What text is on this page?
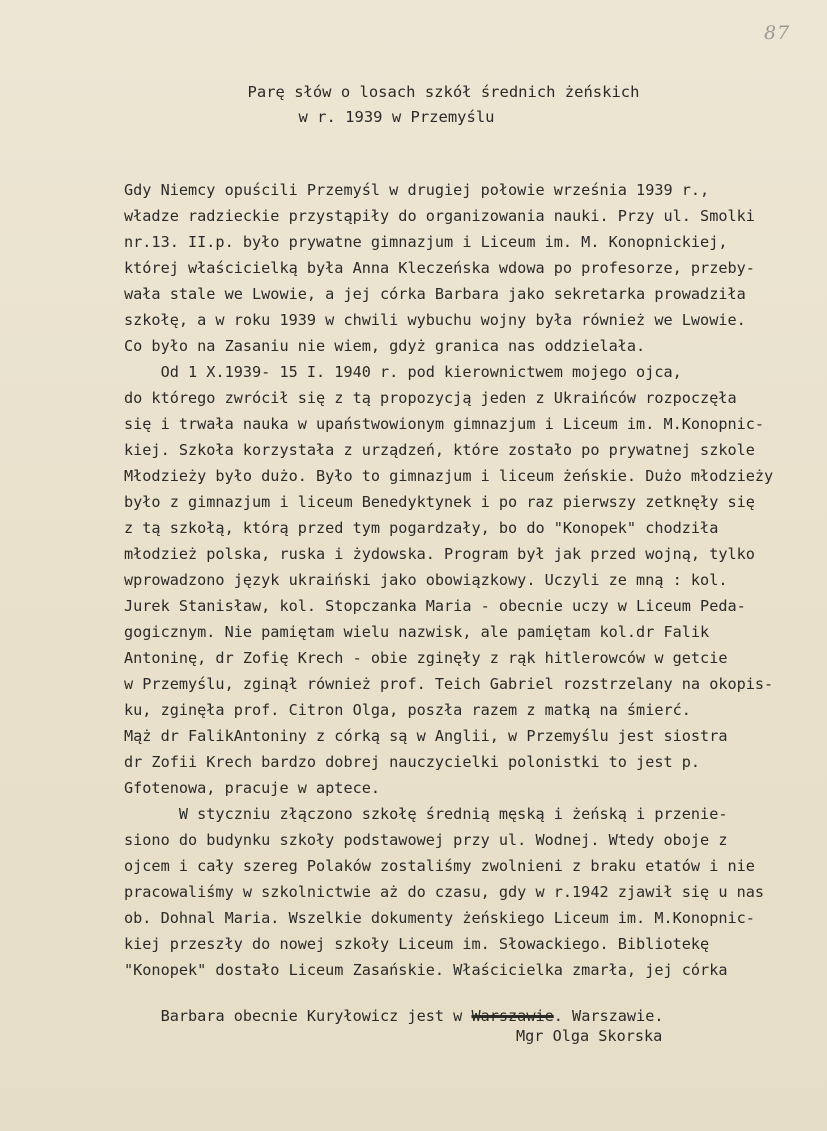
87
Parę słów o losach szkół średnich żeńskich
w r. 1939 w Przemyślu
Gdy Niemcy opuścili Przemyśl w drugiej połowie września 1939 r.,
władze radzieckie przystąpiły do organizowania nauki. Przy ul. Smolki
nr.13. II.p. było prywatne gimnazjum i Liceum im. M. Konopnickiej,
której właścicielką była Anna Kleczeńska wdowa po profesorze, przeby-
wała stale we Lwowie, a jej córka Barbara jako sekretarka prowadziła
szkołę, a w roku 1939 w chwili wybuchu wojny była również we Lwowie.
Co było na Zasaniu nie wiem, gdyż granica nas oddzielała.
Od 1 X.1939- 15 I. 1940 r. pod kierownictwem mojego ojca,
do którego zwrócił się z tą propozycją jeden z Ukraińców rozpoczęła
się i trwała nauka w upaństwowionym gimnazjum i Liceum im. M.Konopnic-
kiej. Szkoła korzystała z urządzeń, które zostało po prywatnej szkole
Młodzieży było dużo. Było to gimnazjum i liceum żeńskie. Dużo młodzieży
było z gimnazjum i liceum Benedyktynek i po raz pierwszy zetknęły się
z tą szkołą, którą przed tym pogardzały, bo do "Konopek" chodziła
młodzież polska, ruska i żydowska. Program był jak przed wojną, tylko
wprowadzono język ukraiński jako obowiązkowy. Uczyli ze mną : kol.
Jurek Stanisław, kol. Stopczanka Maria - obecnie uczy w Liceum Peda-
gogicznym. Nie pamiętam wielu nazwisk, ale pamiętam kol.dr Falik
Antoninę, dr Zofię Krech - obie zginęły z rąk hitlerowców w getcie
w Przemyślu, zginął również prof. Teich Gabriel rozstrzelany na okopis-
ku, zginęła prof. Citron Olga, poszła razem z matką na śmierć.
Mąż dr FalikAntoniny z córką są w Anglii, w Przemyślu jest siostra
dr Zofii Krech bardzo dobrej nauczycielki polonistki to jest p.
Gfotenowa, pracuje w aptece.
W styczniu złączono szkołę średnią męską i żeńską i przenie-
siono do budynku szkoły podstawowej przy ul. Wodnej. Wtedy oboje z
ojcem i cały szereg Polaków zostaliśmy zwolnieni z braku etatów i nie
pracowaliśmy w szkolnictwie aż do czasu, gdy w r.1942 zjawił się u nas
ob. Dohnal Maria. Wszelkie dokumenty żeńskiego Liceum im. M.Konopnic-
kiej przeszły do nowej szkoły Liceum im. Słowackiego. Bibliotekę
"Konopek" dostało Liceum Zasańskie. Właścicielka zmarła, jej córka

Barbara obecnie Kuryłowicz jest w Warszawie. Warszawie.

Mgr Olga Skorska
